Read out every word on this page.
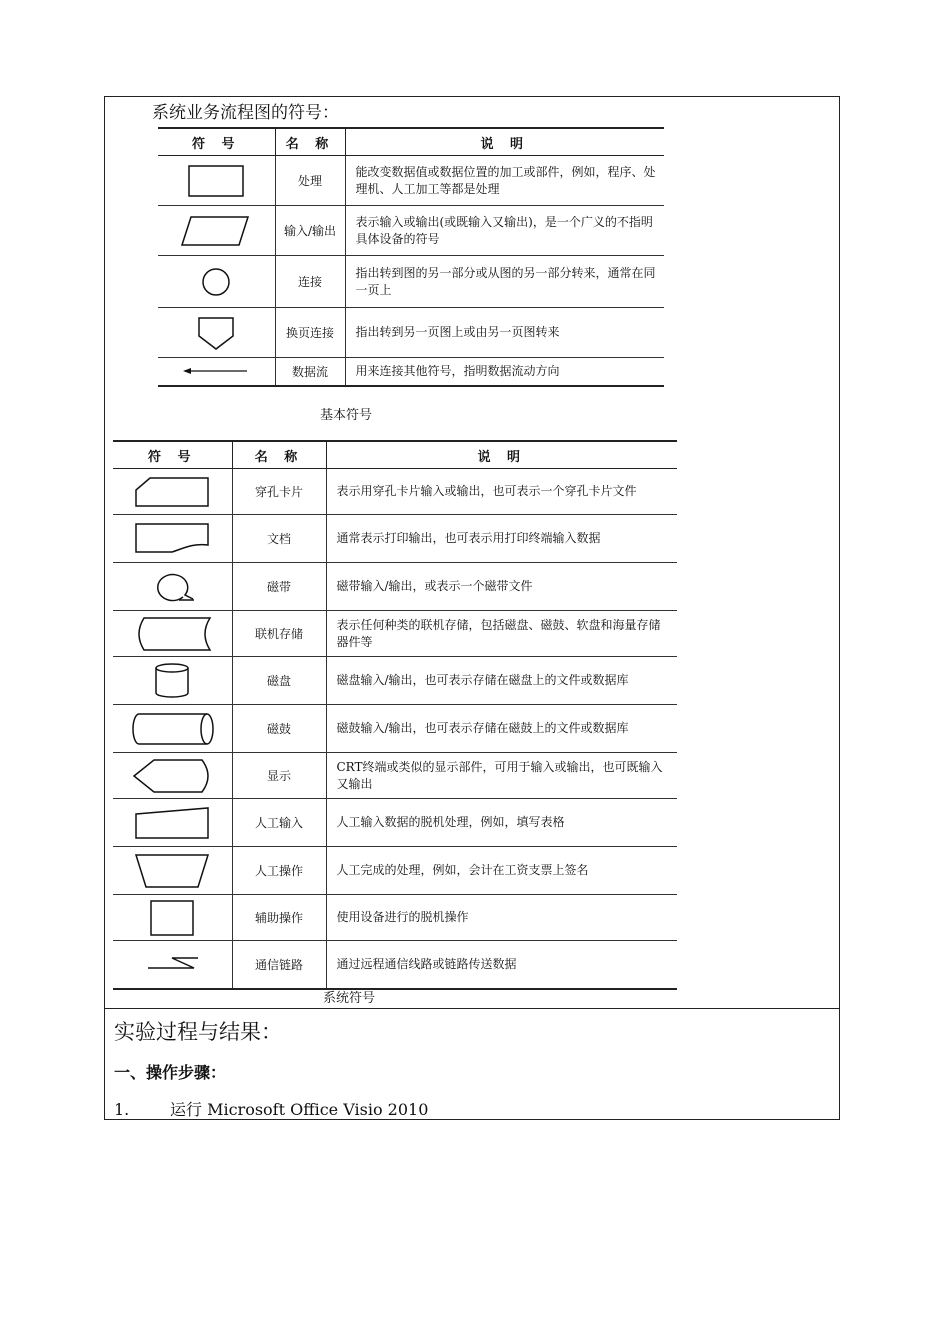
系统业务流程图的符号：
符 号	名 称	说 明

	处理	能改变数据值或数据位置的加工或部件，例如，程序、处理机、人工加工等都是处理

	输入/输出	表示输入或输出(或既输入又输出)，是一个广义的不指明具体设备的符号

	连接	指出转到图的另一部分或从图的另一部分转来，通常在同一页上

	换页连接	指出转到另一页图上或由另一页图转来

	数据流	用来连接其他符号，指明数据流动方向
基本符号
符 号	名 称	说 明

	穿孔卡片	表示用穿孔卡片输入或输出，也可表示一个穿孔卡片文件

	文档	通常表示打印输出，也可表示用打印终端输入数据

	磁带	磁带输入/输出，或表示一个磁带文件

	联机存储	表示任何种类的联机存储，包括磁盘、磁鼓、软盘和海量存储器件等

	磁盘	磁盘输入/输出，也可表示存储在磁盘上的文件或数据库

	磁鼓	磁鼓输入/输出，也可表示存储在磁鼓上的文件或数据库

	显示	CRT终端或类似的显示部件，可用于输入或输出，也可既输入又输出

	人工输入	人工输入数据的脱机处理，例如，填写表格

	人工操作	人工完成的处理，例如，会计在工资支票上签名

	辅助操作	使用设备进行的脱机操作

	通信链路	通过远程通信线路或链路传送数据
系统符号
实验过程与结果：
一、操作步骤：
1.	运行 Microsoft Office Visio 2010
